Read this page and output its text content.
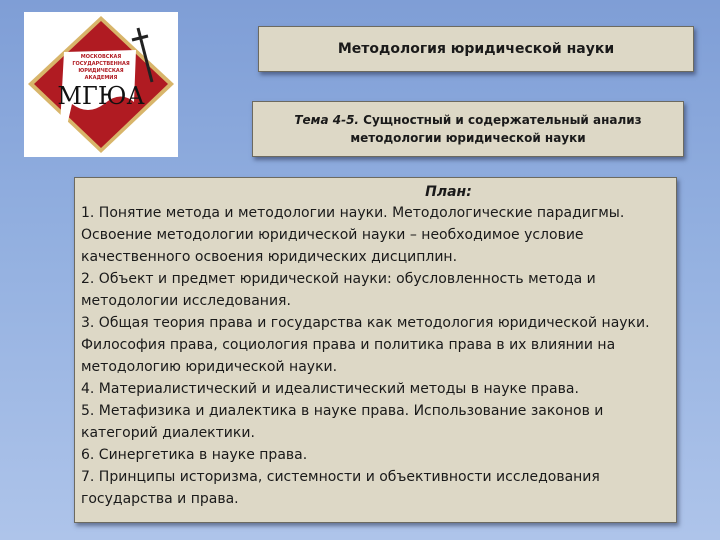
МОСКОВСКАЯ
ГОСУДАРСТВЕННАЯ
ЮРИДИЧЕСКАЯ
АКАДЕМИЯ
МГЮА
Методология юридической науки
Тема 4-5. Сущностный и содержательный анализ методологии юридической науки
План:

1. Понятие метода и методологии науки. Методологические парадигмы. Освоение методологии юридической науки – необходимое условие качественного освоения юридических дисциплин.

2. Объект и предмет юридической науки: обусловленность метода и методологии исследования.

3. Общая теория права и государства как методология юридической науки. Философия права, социология права и политика права в их влиянии на методологию юридической науки.

4. Материалистический и идеалистический методы в науке права.

5. Метафизика и диалектика в науке права. Использование законов и категорий диалектики.

6. Синергетика в науке права.

7. Принципы историзма, системности и объективности исследования государства и права.
